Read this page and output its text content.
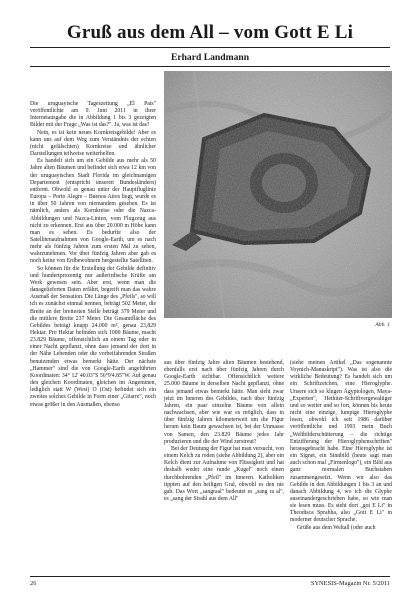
Gruß aus dem All – vom Gott E Li
Erhard Landmann

Die uruguayische Tageszeitung „El Pais" veröffentlichte am 9. Juni 2011 in ihrer Internetausgabe die in Abbildung 1 bis 3 gezeigten Bilder mit der Frage „Was ist das?". Ja, was ist das?

Nein, es ist kein neues Kornkreisgebilde! Aber es kann uns auf dem Weg zum Verständnis der echten (nicht gefälschten) Kornkreise und ähnlicher Darstellungen teilweise weiterhelfen.

Es handelt sich um ein Gebilde aus mehr als 50 Jahre alten Bäumen und befindet sich etwa 12 km von der uruguayischen Stadt Florida im gleichnamigen Departement (entspricht unseren Bundesländern) entfernt. Obwohl es genau unter der Hauptfluglinie Europa – Porto Alegre – Buenos Aires liegt, wurde es in über 50 Jahren von niemandem gesehen. Es ist nämlich, anders als Kornkreise oder die Nazca-Abbildungen und Nazca-Linien, vom Flugzeug aus nicht zu erkennen. Erst aus über 20.000 m Höhe kann man es sehen. Es bedurfte also der Satellitenaufnahmen von Google-Earth, um es nach mehr als fünfzig Jahren zum ersten Mal zu sehen, wahrzunehmen. Vor über fünfzig Jahren aber gab es noch keine von Erdbewohnern hergestellte Satelliten.

So können für die Erstellung der Gebilde definitiv und hundertprozentig nur außerirdische Kräfte am Werk gewesen sein. Aber erst, wenn man die danagelieferten Daten erfährt, begreift man das wahre Ausmaß der Sensation. Die Länge des „Pfeils", so will ich es zunächst einmal nennen, beträgt 502 Meter, die Breite an der breitesten Stelle beträgt 379 Meter und die mittlere Breite 237 Meter. Die Gesamtfläche des Gebildes beträgt knapp 24.000 m², genau 23,829 Hektar. Pro Hektar befinden sich 1000 Bäume, macht 23.829 Bäume, offensichtlich an einem Tag oder in einer Nacht gepflanzt, ohne dass jemand der dort in der Nähe Lebenden oder die vorbeifahrenden Straßen benutzenden etwas bemerkt hätte. Der nächste „Hammer" sind die von Google-Earth angeführten Koordinaten: 34° 12' 40.03"S 56°9'4.85"W. Auf genau den gleichen Koordinaten, gleichen im Angeminen, lediglich statt W (West) O (Ost) befindet sich ein zweites solches Gebilde in Form einer „Gitarre", noch etwas größer in den Ausmaßen, ebenso

Abb. 1

aus über fünfzig Jahre alten Bäumen bestehend, ebenfalls erst nach über fünfzig Jahren durch Google-Earth sichtbar. Offensichtlich weitere 25.000 Bäume in derselben Nacht gepflanzt, ohne dass jemand etwas bemerkt hätte. Man sieht zwar jetzt im Inneren des Gebildes, nach über fünfzig Jahren, ein paar einzelne Bäume von allein nachwachsen, aber wie war es möglich, dass in über fünfzig Jahren kilometerweit um die Figur herum kein Baum gewachsen ist, bei der Unmasse von Samen, den 23.829 Bäume jedes Jahr produzieren und die der Wind zerstreut?

Bei der Deutung der Figur hat man versucht, von einem Kelch zu reden (siehe Abbildung 2), aber ein Kelch dient zur Aufnahme von Flüssigkeit und hat deshalb weder eine runde „Kugel" noch einen durchbohrenden „Pfeil" im Inneren. Katholiken tippten auf den heiligen Gral, obwohl es den nie gab. Das Wort „sangraal" bedeutet es „sang ra al", es „sang der Strahl aus dem All"

(siehe meinen Artikel „Das sogenannte Voynich-Manuskript"). Was ist also die wirkliche Bedeutung? Es handelt sich um ein Schriftzeichen, eine Hieroglyphe. Unsere sich so klugen Ägyptologen, Maya-„Experten", Hethiter-Schriftvergewaltiger und so weiter und so fort, können bis heute nicht eine einzige, lumpige Hieroglyphe lesen, obwohl ich seit 1986 darüber veröffentliche und 1993 mein Buch „Weltbilderschütterung – die richtige Entzifferung der Hieroglyphenschriften" herausgebracht habe. Eine Hieroglyphe ist ein Signet, ein Sinnbild (heute sagt man auch schon mal „Firmenlogo"), ein Bild aus ganz normalen Buchstaben zusammengesetzt. Wenn wir also das Gebilde in den Abbildungen 1 bis 3 an und danach Abbildung 4, wo ich die Glyphe auseinandergeschrieben habe, so wie man sie lesen muss. Es steht dort „got E Li" in Theodisca Sprahha, also „Gott E Li" in moderner deutscher Sprache.

Grüße aus dem Weltall (oder auch

26	SYNESIS-Magazin Nr. 5/2011
